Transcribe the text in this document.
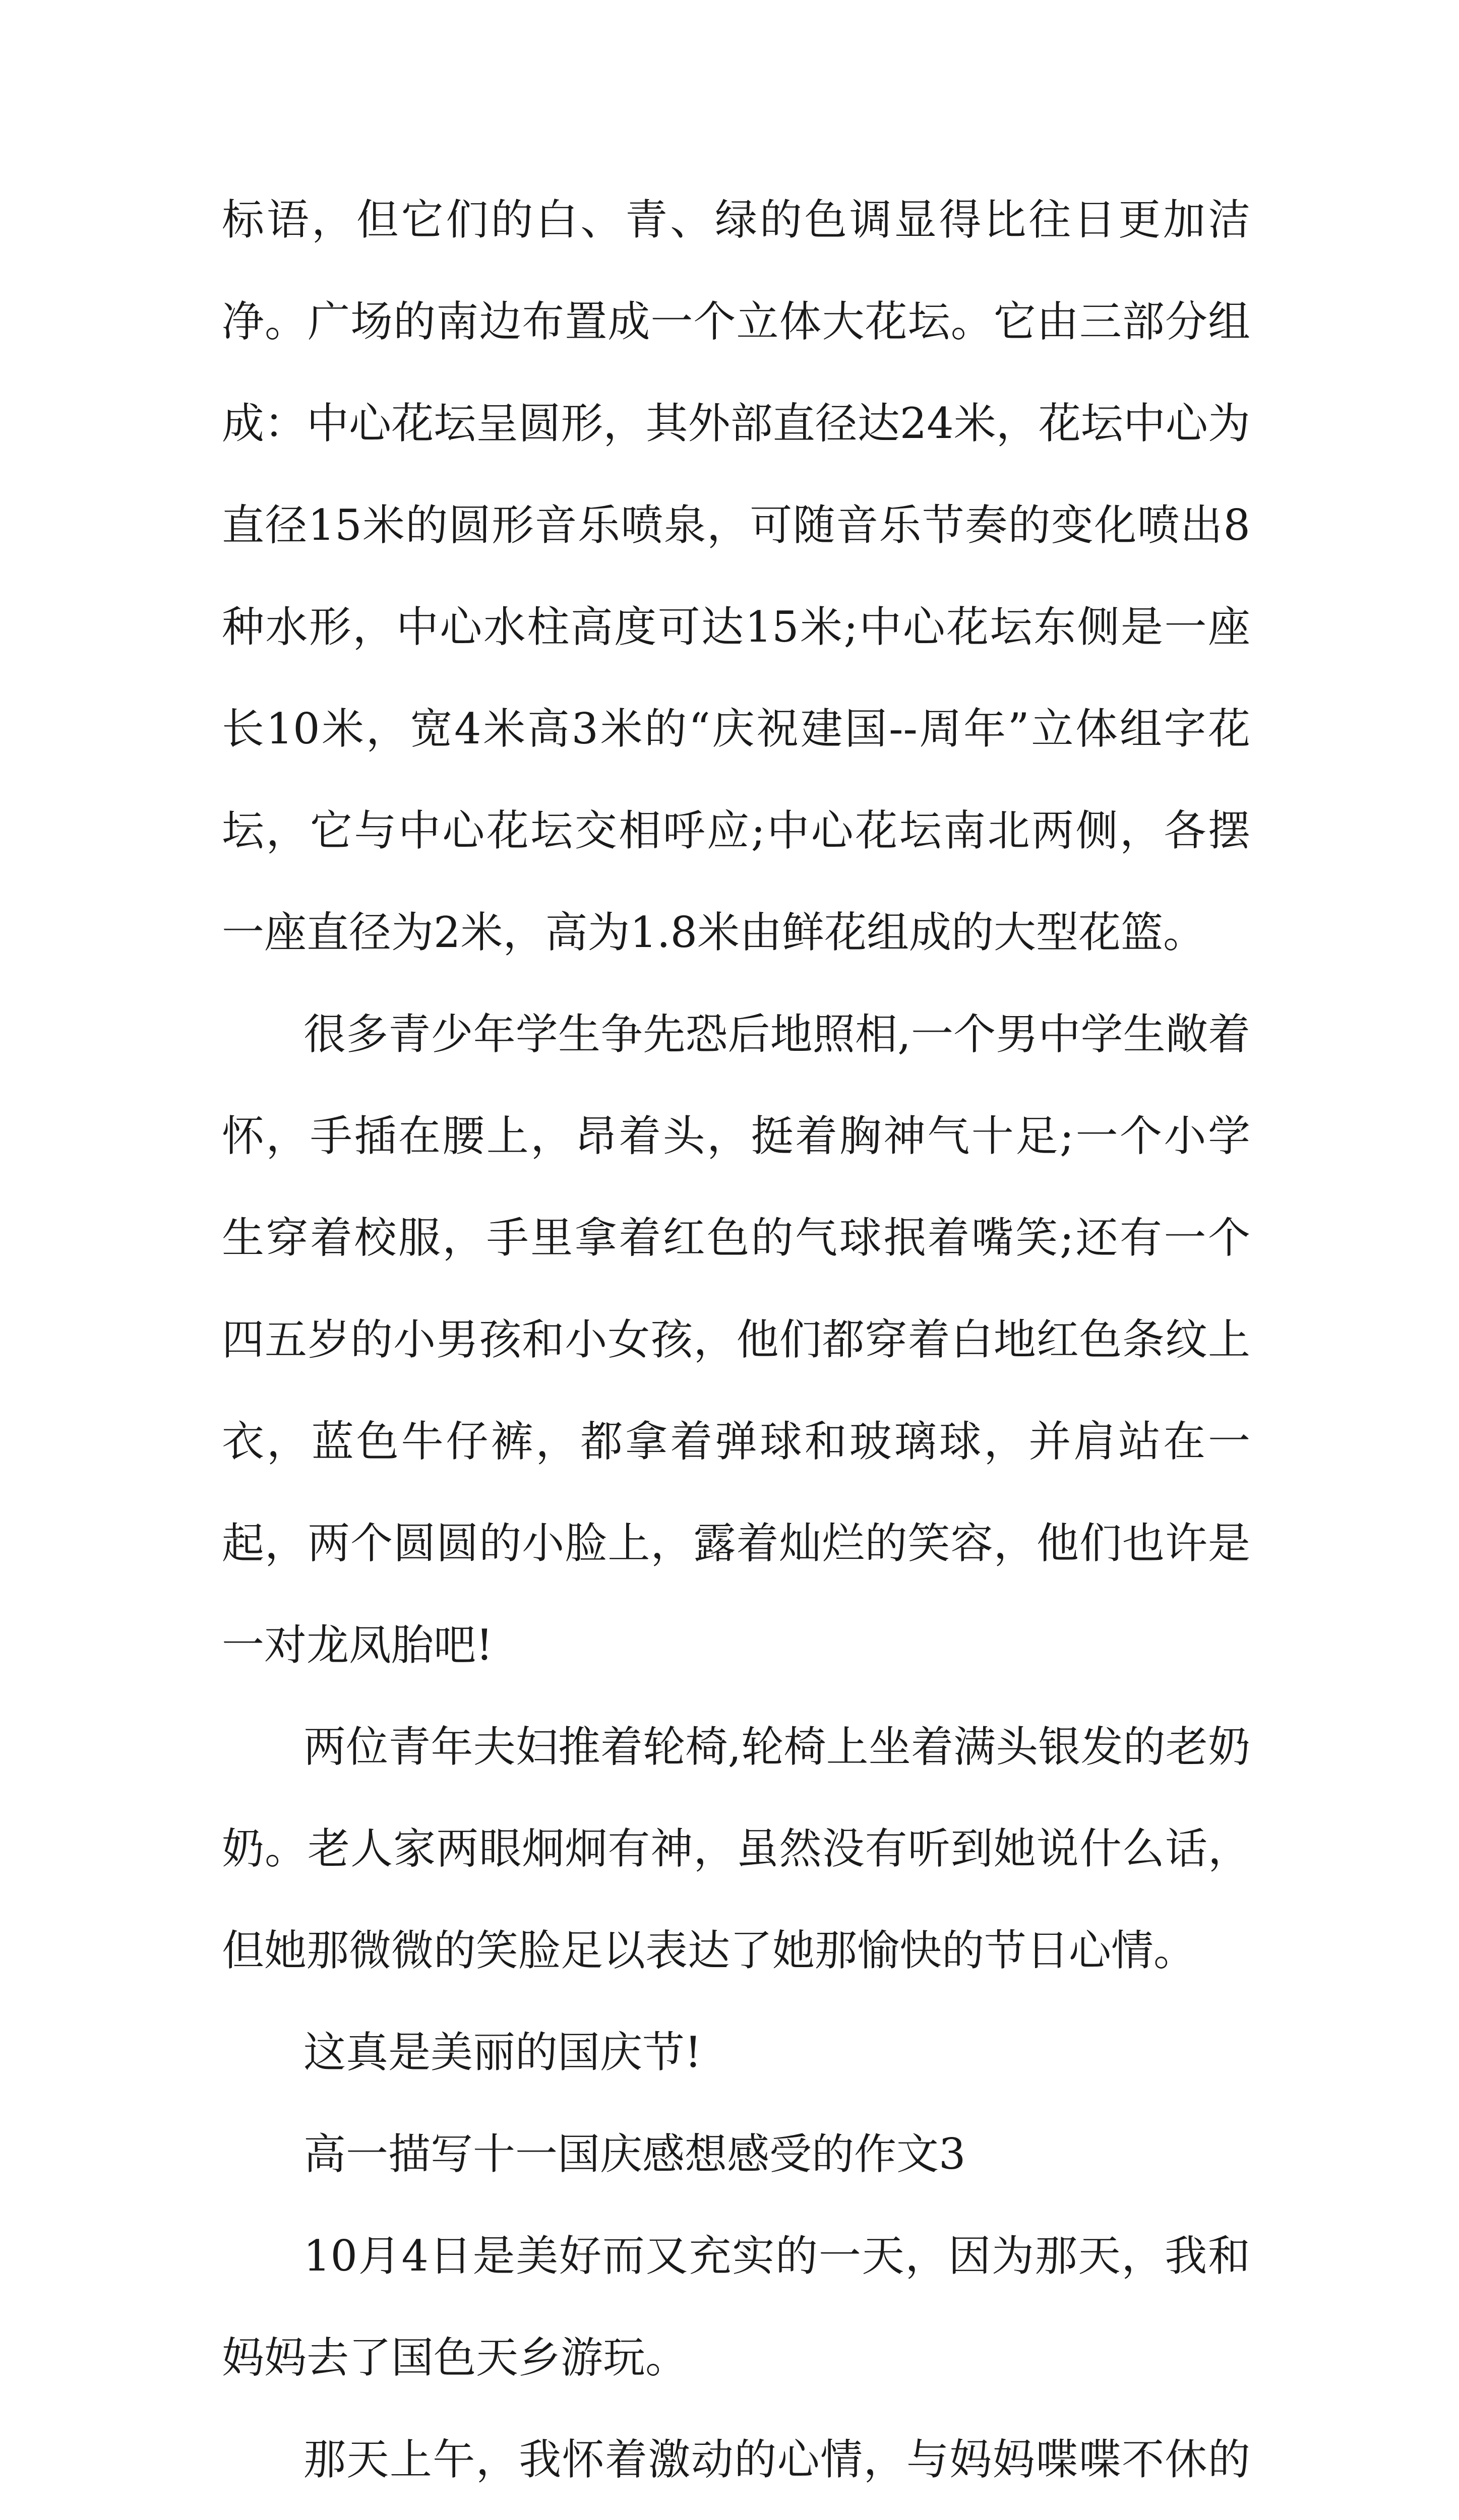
标语，但它们的白、青、绿的色调显得比往日更加洁净。广场的南边布置成一个立体大花坛。它由三部分组成：中心花坛呈圆形，其外部直径达24米，花坛中心为直径15米的圆形音乐喷泉，可随音乐节奏的变化喷出8种水形，中心水柱高度可达15米;中心花坛东侧是一座长10米，宽4米高3米的“庆祝建国--周年”立体组字花坛，它与中心花坛交相呼应;中心花坛南北两侧，各摆一座直径为2米，高为1.8米由鲜花组成的大型花篮。

很多青少年学生争先恐后地照相,一个男中学生敞着怀，手插在腰上，昂着头，挺着胸神气十足;一个小学生穿着校服，手里拿着红色的气球抿着嘴笑;还有一个四五岁的小男孩和小女孩，他们都穿着白地红色条纹上衣，蓝色牛仔裤，都拿着弹球和玻璃球，并肩站在一起，两个圆圆的小脸上，露着灿烂的笑容，他们也许是一对龙凤胎吧!

两位青年夫妇推着轮椅,轮椅上坐着满头银发的老奶奶。老人家两眼炯炯有神，虽然没有听到她说什么话，但她那微微的笑脸足以表达了她那愉快的节日心情。

这真是美丽的国庆节!

高一描写十一国庆感想感受的作文3

10月4日是美好而又充实的一天，因为那天，我和妈妈去了国色天乡游玩。

那天上午，我怀着激动的心情，与妈妈喋喋不休的
